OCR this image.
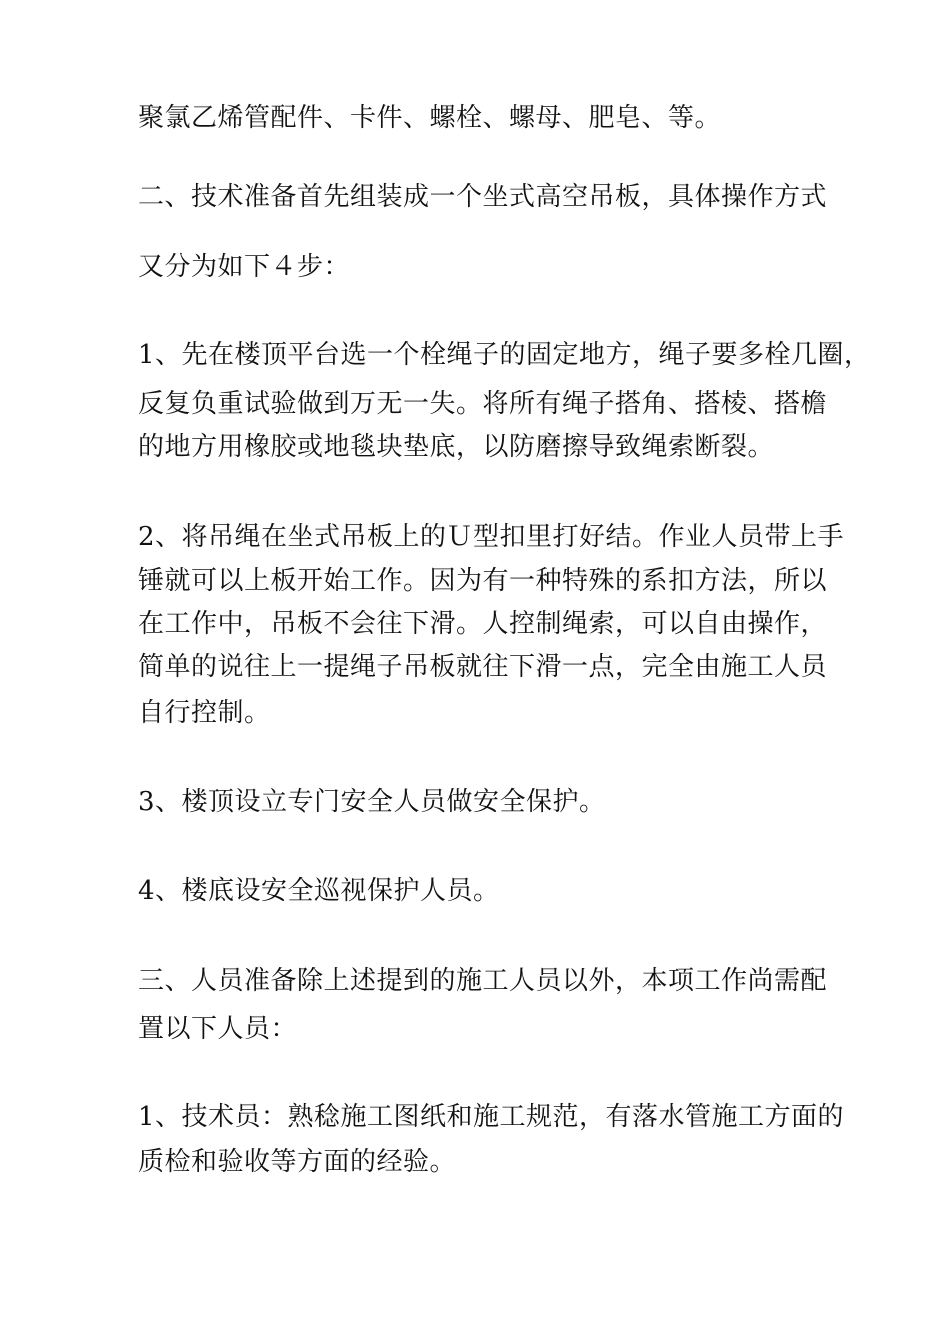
聚氯乙烯管配件、卡件、螺栓、螺母、肥皂、等。
二、技术准备首先组装成一个坐式高空吊板，具体操作方式
又分为如下４步：
1、先在楼顶平台选一个栓绳子的固定地方，绳子要多栓几圈，
反复负重试验做到万无一失。将所有绳子搭角、搭棱、搭檐
的地方用橡胶或地毯块垫底，以防磨擦导致绳索断裂。
2、将吊绳在坐式吊板上的Ｕ型扣里打好结。作业人员带上手
锤就可以上板开始工作。因为有一种特殊的系扣方法，所以
在工作中，吊板不会往下滑。人控制绳索，可以自由操作，
简单的说往上一提绳子吊板就往下滑一点，完全由施工人员
自行控制。
3、楼顶设立专门安全人员做安全保护。
4、楼底设安全巡视保护人员。
三、人员准备除上述提到的施工人员以外，本项工作尚需配
置以下人员：
1、技术员：熟稔施工图纸和施工规范，有落水管施工方面的
质检和验收等方面的经验。
